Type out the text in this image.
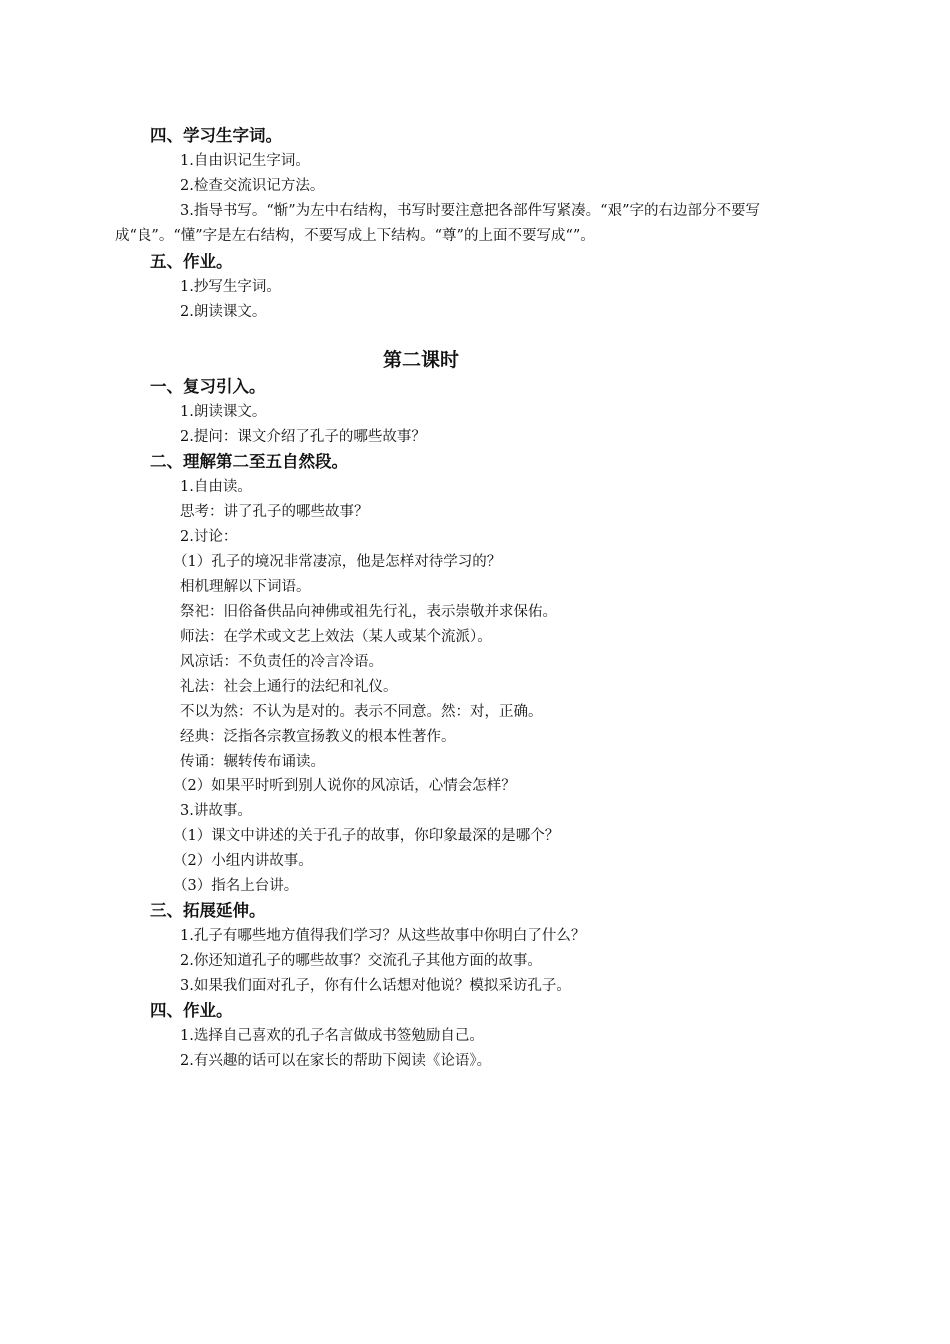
四、学习生字词。
1.自由识记生字词。
2.检查交流识记方法。
3.指导书写。“惭”为左中右结构，书写时要注意把各部件写紧凑。“艰”字的右边部分不要写成“良”。“懂”字是左右结构，不要写成上下结构。“尊”的上面不要写成“”。
五、作业。
1.抄写生字词。
2.朗读课文。
第二课时
一、复习引入。
1.朗读课文。
2.提问：课文介绍了孔子的哪些故事？
二、理解第二至五自然段。
1.自由读。
思考：讲了孔子的哪些故事？
2.讨论：
（1）孔子的境况非常凄凉，他是怎样对待学习的？
相机理解以下词语。
祭祀：旧俗备供品向神佛或祖先行礼，表示崇敬并求保佑。
师法：在学术或文艺上效法（某人或某个流派）。
风凉话：不负责任的冷言冷语。
礼法：社会上通行的法纪和礼仪。
不以为然：不认为是对的。表示不同意。然：对，正确。
经典：泛指各宗教宣扬教义的根本性著作。
传诵：辗转传布诵读。
（2）如果平时听到别人说你的风凉话，心情会怎样？
3.讲故事。
（1）课文中讲述的关于孔子的故事，你印象最深的是哪个？
（2）小组内讲故事。
（3）指名上台讲。
三、拓展延伸。
1.孔子有哪些地方值得我们学习？从这些故事中你明白了什么？
2.你还知道孔子的哪些故事？交流孔子其他方面的故事。
3.如果我们面对孔子，你有什么话想对他说？模拟采访孔子。
四、作业。
1.选择自己喜欢的孔子名言做成书签勉励自己。
2.有兴趣的话可以在家长的帮助下阅读《论语》。
